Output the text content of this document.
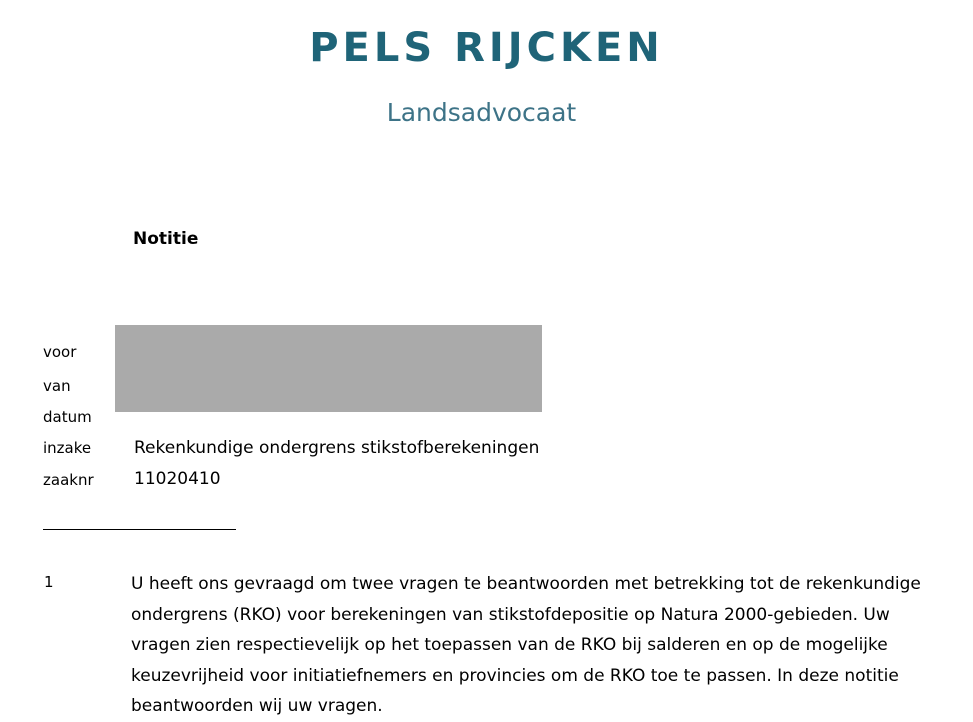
PELS RIJCKEN
Landsadvocaat
Notitie
voor
van
datum
inzake	Rekenkundige ondergrens stikstofberekeningen
zaaknr 11020410
1	U heeft ons gevraagd om twee vragen te beantwoorden met betrekking tot de rekenkundige ondergrens (RKO) voor berekeningen van stikstofdepositie op Natura 2000-gebieden. Uw vragen zien respectievelijk op het toepassen van de RKO bij salderen en op de mogelijke keuzevrijheid voor initiatiefnemers en provincies om de RKO toe te passen. In deze notitie beantwoorden wij uw vragen.
